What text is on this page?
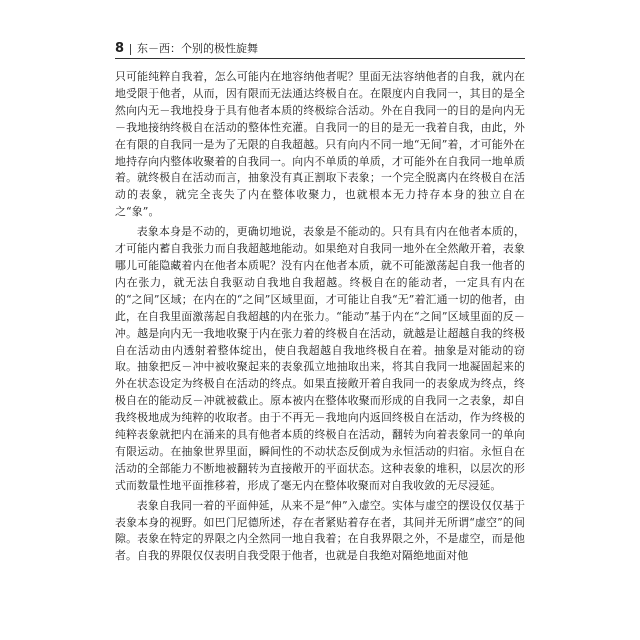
8 东－西：个别的极性旋舞

只可能纯粹自我着，怎么可能内在地容纳他者呢？里面无法容纳他者的自我，就内在地受限于他者，从而，因有限而无法通达终极自在。在限度内自我同一，其目的是全然向内无－我地投身于具有他者本质的终极综合活动。外在自我同一的目的是向内无－我地接纳终极自在活动的整体性充灌。自我同一的目的是无一我着自我，由此，外在有限的自我同一是为了无限的自我超越。只有向内不同一地“无间”着，才可能外在地持存向内整体收聚着的自我同一。向内不单质的单质，才可能外在自我同一地单质着。就终极自在活动而言，抽象没有真正割取下表象；一个完全脱离内在终极自在活动的表象，就完全丧失了内在整体收聚力，也就根本无力持存本身的独立自在之“象”。

表象本身是不动的，更确切地说，表象是不能动的。只有具有内在他者本质的，才可能内蓄自我张力而自我超越地能动。如果绝对自我同一地外在全然敞开着，表象哪儿可能隐藏着内在他者本质呢？没有内在他者本质，就不可能激荡起自我一他者的内在张力，就无法自我驱动自我地自我超越。终极自在的能动者，一定具有内在的“之间”区域；在内在的“之间”区域里面，才可能让自我“无”着汇通一切的他者，由此，在自我里面激荡起自我超越的内在张力。“能动”基于内在“之间”区域里面的反－冲。越是向内无一我地收聚于内在张力着的终极自在活动，就越是让超越自我的终极自在活动由内透射着整体绽出，使自我超越自我地终极自在着。抽象是对能动的窃取。抽象把反－冲中被收聚起来的表象孤立地抽取出来，将其自我同一地凝固起来的外在状态设定为终极自在活动的终点。如果直接敞开着自我同一的表象成为终点，终极自在的能动反－冲就被截止。原本被内在整体收聚而形成的自我同一之表象，却自我终极地成为纯粹的收取者。由于不再无－我地向内返回终极自在活动，作为终极的纯粹表象就把内在涌来的具有他者本质的终极自在活动，翻转为向着表象同一的单向有限运动。在抽象世界里面，瞬间性的不动状态反倒成为永恒活动的归宿。永恒自在活动的全部能力不断地被翻转为直接敞开的平面状态。这种表象的堆积，以层次的形式而数量性地平面推移着，形成了毫无内在整体收聚而对自我收敛的无尽浸延。

表象自我同一着的平面伸延，从来不是“伸”入虚空。实体与虚空的摆设仅仅基于表象本身的视野。如巴门尼德所述，存在者紧贴着存在者，其间并无所谓“虚空”的间隙。表象在特定的界限之内全然同一地自我着；在自我界限之外，不是虚空，而是他者。自我的界限仅仅表明自我受限于他者，也就是自我绝对隔绝地面对他
